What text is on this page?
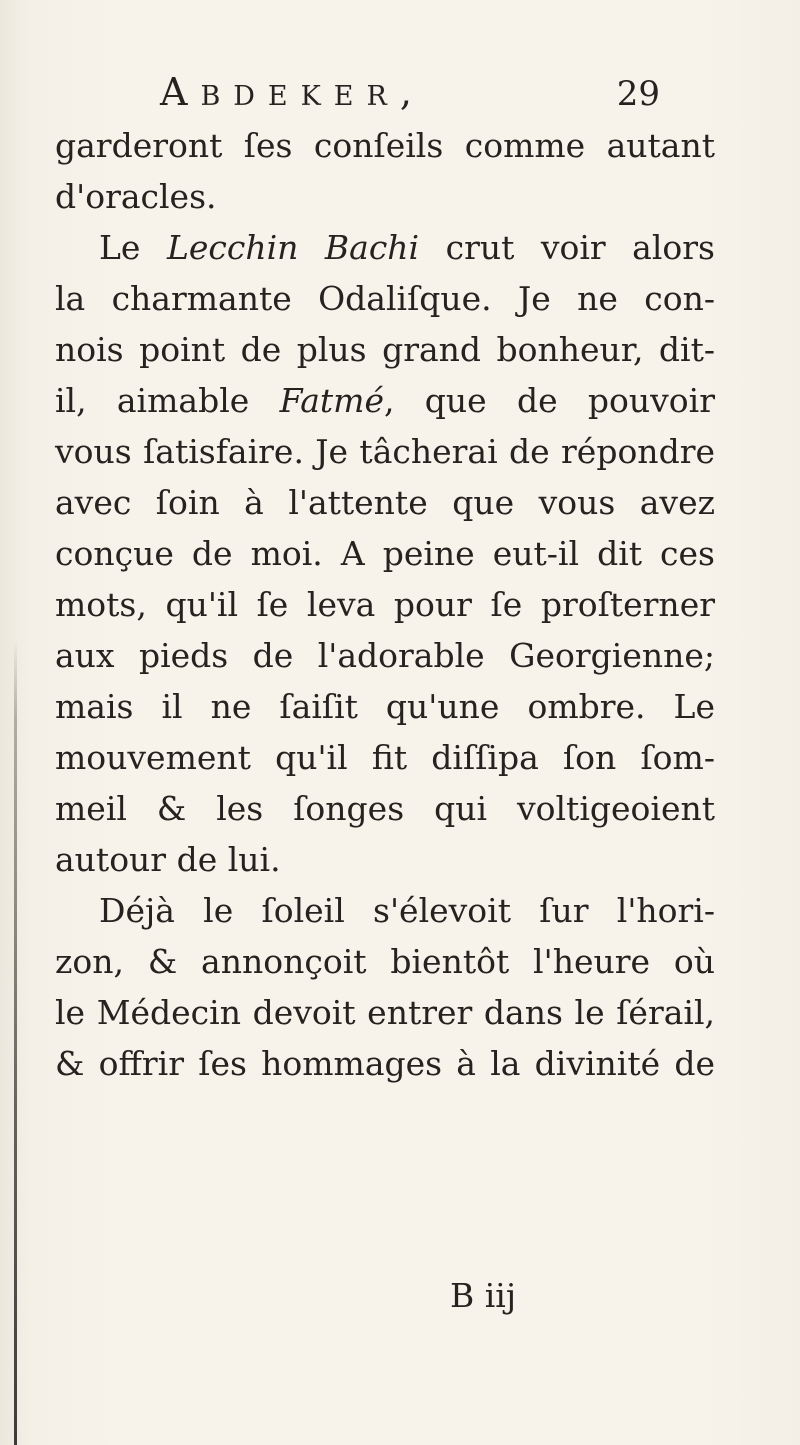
Abdeker,	29
garderont ſes conſeils comme autant
d'oracles.
Le Lecchin Bachi crut voir alors
la charmante Odaliſque. Je ne con-
nois point de plus grand bonheur, dit-
il, aimable Fatmé, que de pouvoir
vous ſatisfaire. Je tâcherai de répondre
avec ſoin à l'attente que vous avez
conçue de moi. A peine eut-il dit ces
mots, qu'il ſe leva pour ſe proſterner
aux pieds de l'adorable Georgienne;
mais il ne ſaiſit qu'une ombre. Le
mouvement qu'il fit diſſipa ſon ſom-
meil & les ſonges qui voltigeoient
autour de lui.
Déjà le ſoleil s'élevoit ſur l'hori-
zon, & annonçoit bientôt l'heure où
le Médecin devoit entrer dans le ſérail,
& offrir ſes hommages à la divinité de
B iij
